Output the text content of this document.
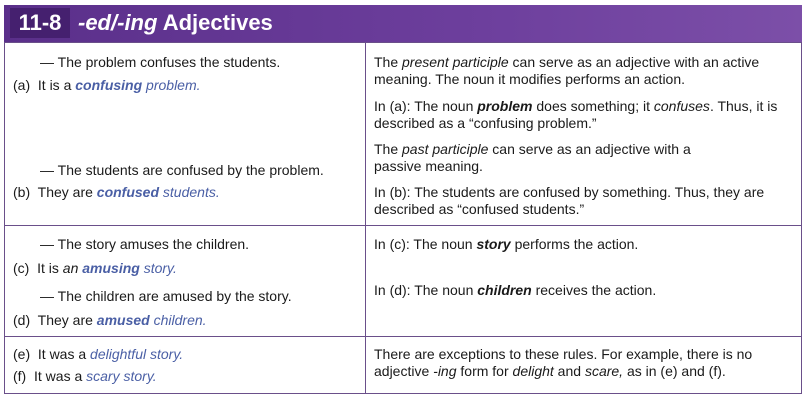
11-8 -ed/-ing Adjectives
— The problem confuses the students.
(a) It is a confusing problem.
— The students are confused by the problem.
(b) They are confused students.
The present participle can serve as an adjective with an active meaning. The noun it modifies performs an action.
In (a): The noun problem does something; it confuses. Thus, it is described as a “confusing problem.”
The past participle can serve as an adjective with a passive meaning.
In (b): The students are confused by something. Thus, they are described as “confused students.”
— The story amuses the children.
(c) It is an amusing story.
— The children are amused by the story.
(d) They are amused children.
In (c): The noun story performs the action.
In (d): The noun children receives the action.
(e) It was a delightful story.
(f) It was a scary story.
There are exceptions to these rules. For example, there is no adjective -ing form for delight and scare, as in (e) and (f).
